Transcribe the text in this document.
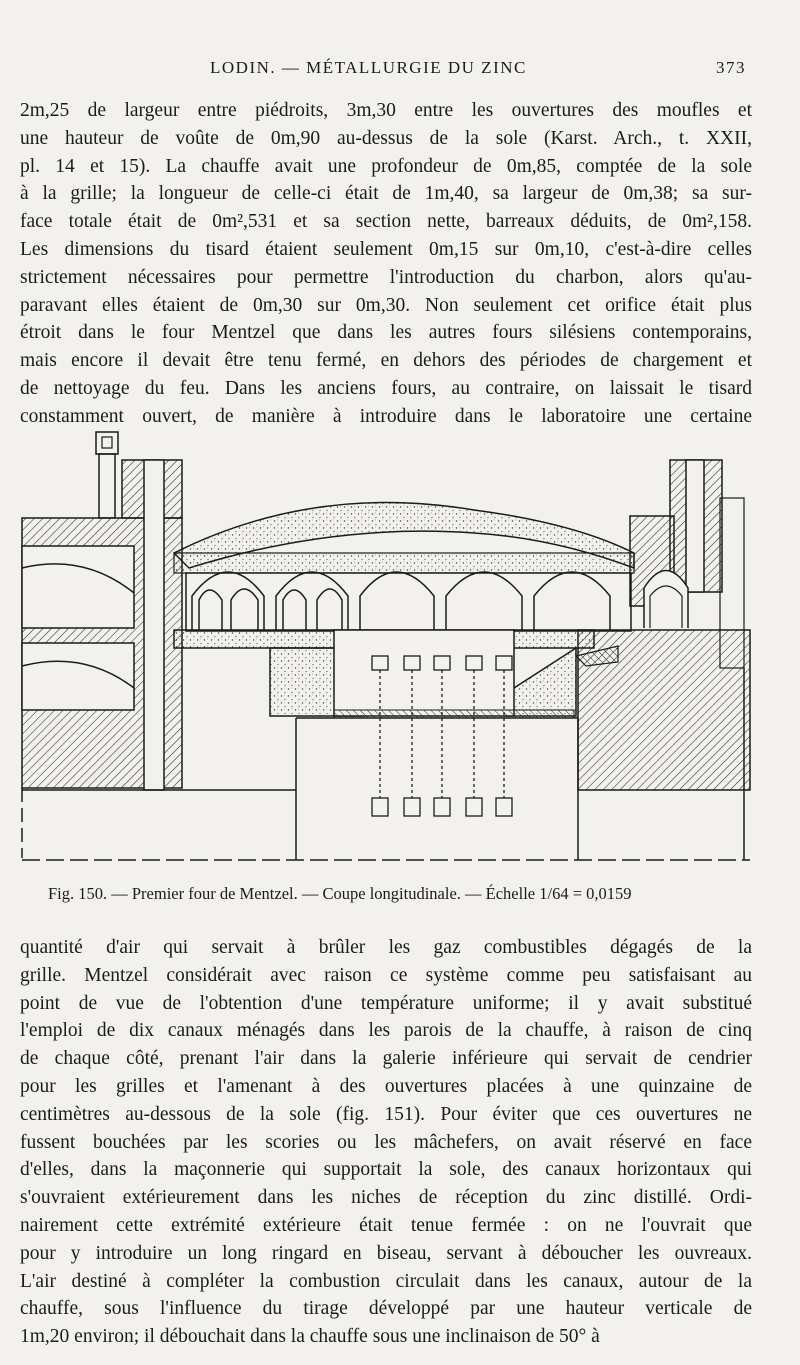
LODIN. — MÉTALLURGIE DU ZINC	373
2m,25 de largeur entre piédroits, 3m,30 entre les ouvertures des moufles et
une hauteur de voûte de 0m,90 au-dessus de la sole (Karst. Arch., t. XXII,
pl. 14 et 15). La chauffe avait une profondeur de 0m,85, comptée de la sole
à la grille; la longueur de celle-ci était de 1m,40, sa largeur de 0m,38; sa sur-
face totale était de 0m²,531 et sa section nette, barreaux déduits, de 0m²,158.
Les dimensions du tisard étaient seulement 0m,15 sur 0m,10, c'est-à-dire celles
strictement nécessaires pour permettre l'introduction du charbon, alors qu'au-
paravant elles étaient de 0m,30 sur 0m,30. Non seulement cet orifice était plus
étroit dans le four Mentzel que dans les autres fours silésiens contemporains,
mais encore il devait être tenu fermé, en dehors des périodes de chargement et
de nettoyage du feu. Dans les anciens fours, au contraire, on laissait le tisard
constamment ouvert, de manière à introduire dans le laboratoire une certaine
Fig. 150. — Premier four de Mentzel. — Coupe longitudinale. — Échelle 1/64 = 0,0159
quantité d'air qui servait à brûler les gaz combustibles dégagés de la
grille. Mentzel considérait avec raison ce système comme peu satisfaisant au
point de vue de l'obtention d'une température uniforme; il y avait substitué
l'emploi de dix canaux ménagés dans les parois de la chauffe, à raison de cinq
de chaque côté, prenant l'air dans la galerie inférieure qui servait de cendrier
pour les grilles et l'amenant à des ouvertures placées à une quinzaine de
centimètres au-dessous de la sole (fig. 151). Pour éviter que ces ouvertures ne
fussent bouchées par les scories ou les mâchefers, on avait réservé en face
d'elles, dans la maçonnerie qui supportait la sole, des canaux horizontaux qui
s'ouvraient extérieurement dans les niches de réception du zinc distillé. Ordi-
nairement cette extrémité extérieure était tenue fermée : on ne l'ouvrait que
pour y introduire un long ringard en biseau, servant à déboucher les ouvreaux.
L'air destiné à compléter la combustion circulait dans les canaux, autour de la
chauffe, sous l'influence du tirage développé par une hauteur verticale de
1m,20 environ; il débouchait dans la chauffe sous une inclinaison de 50° à
